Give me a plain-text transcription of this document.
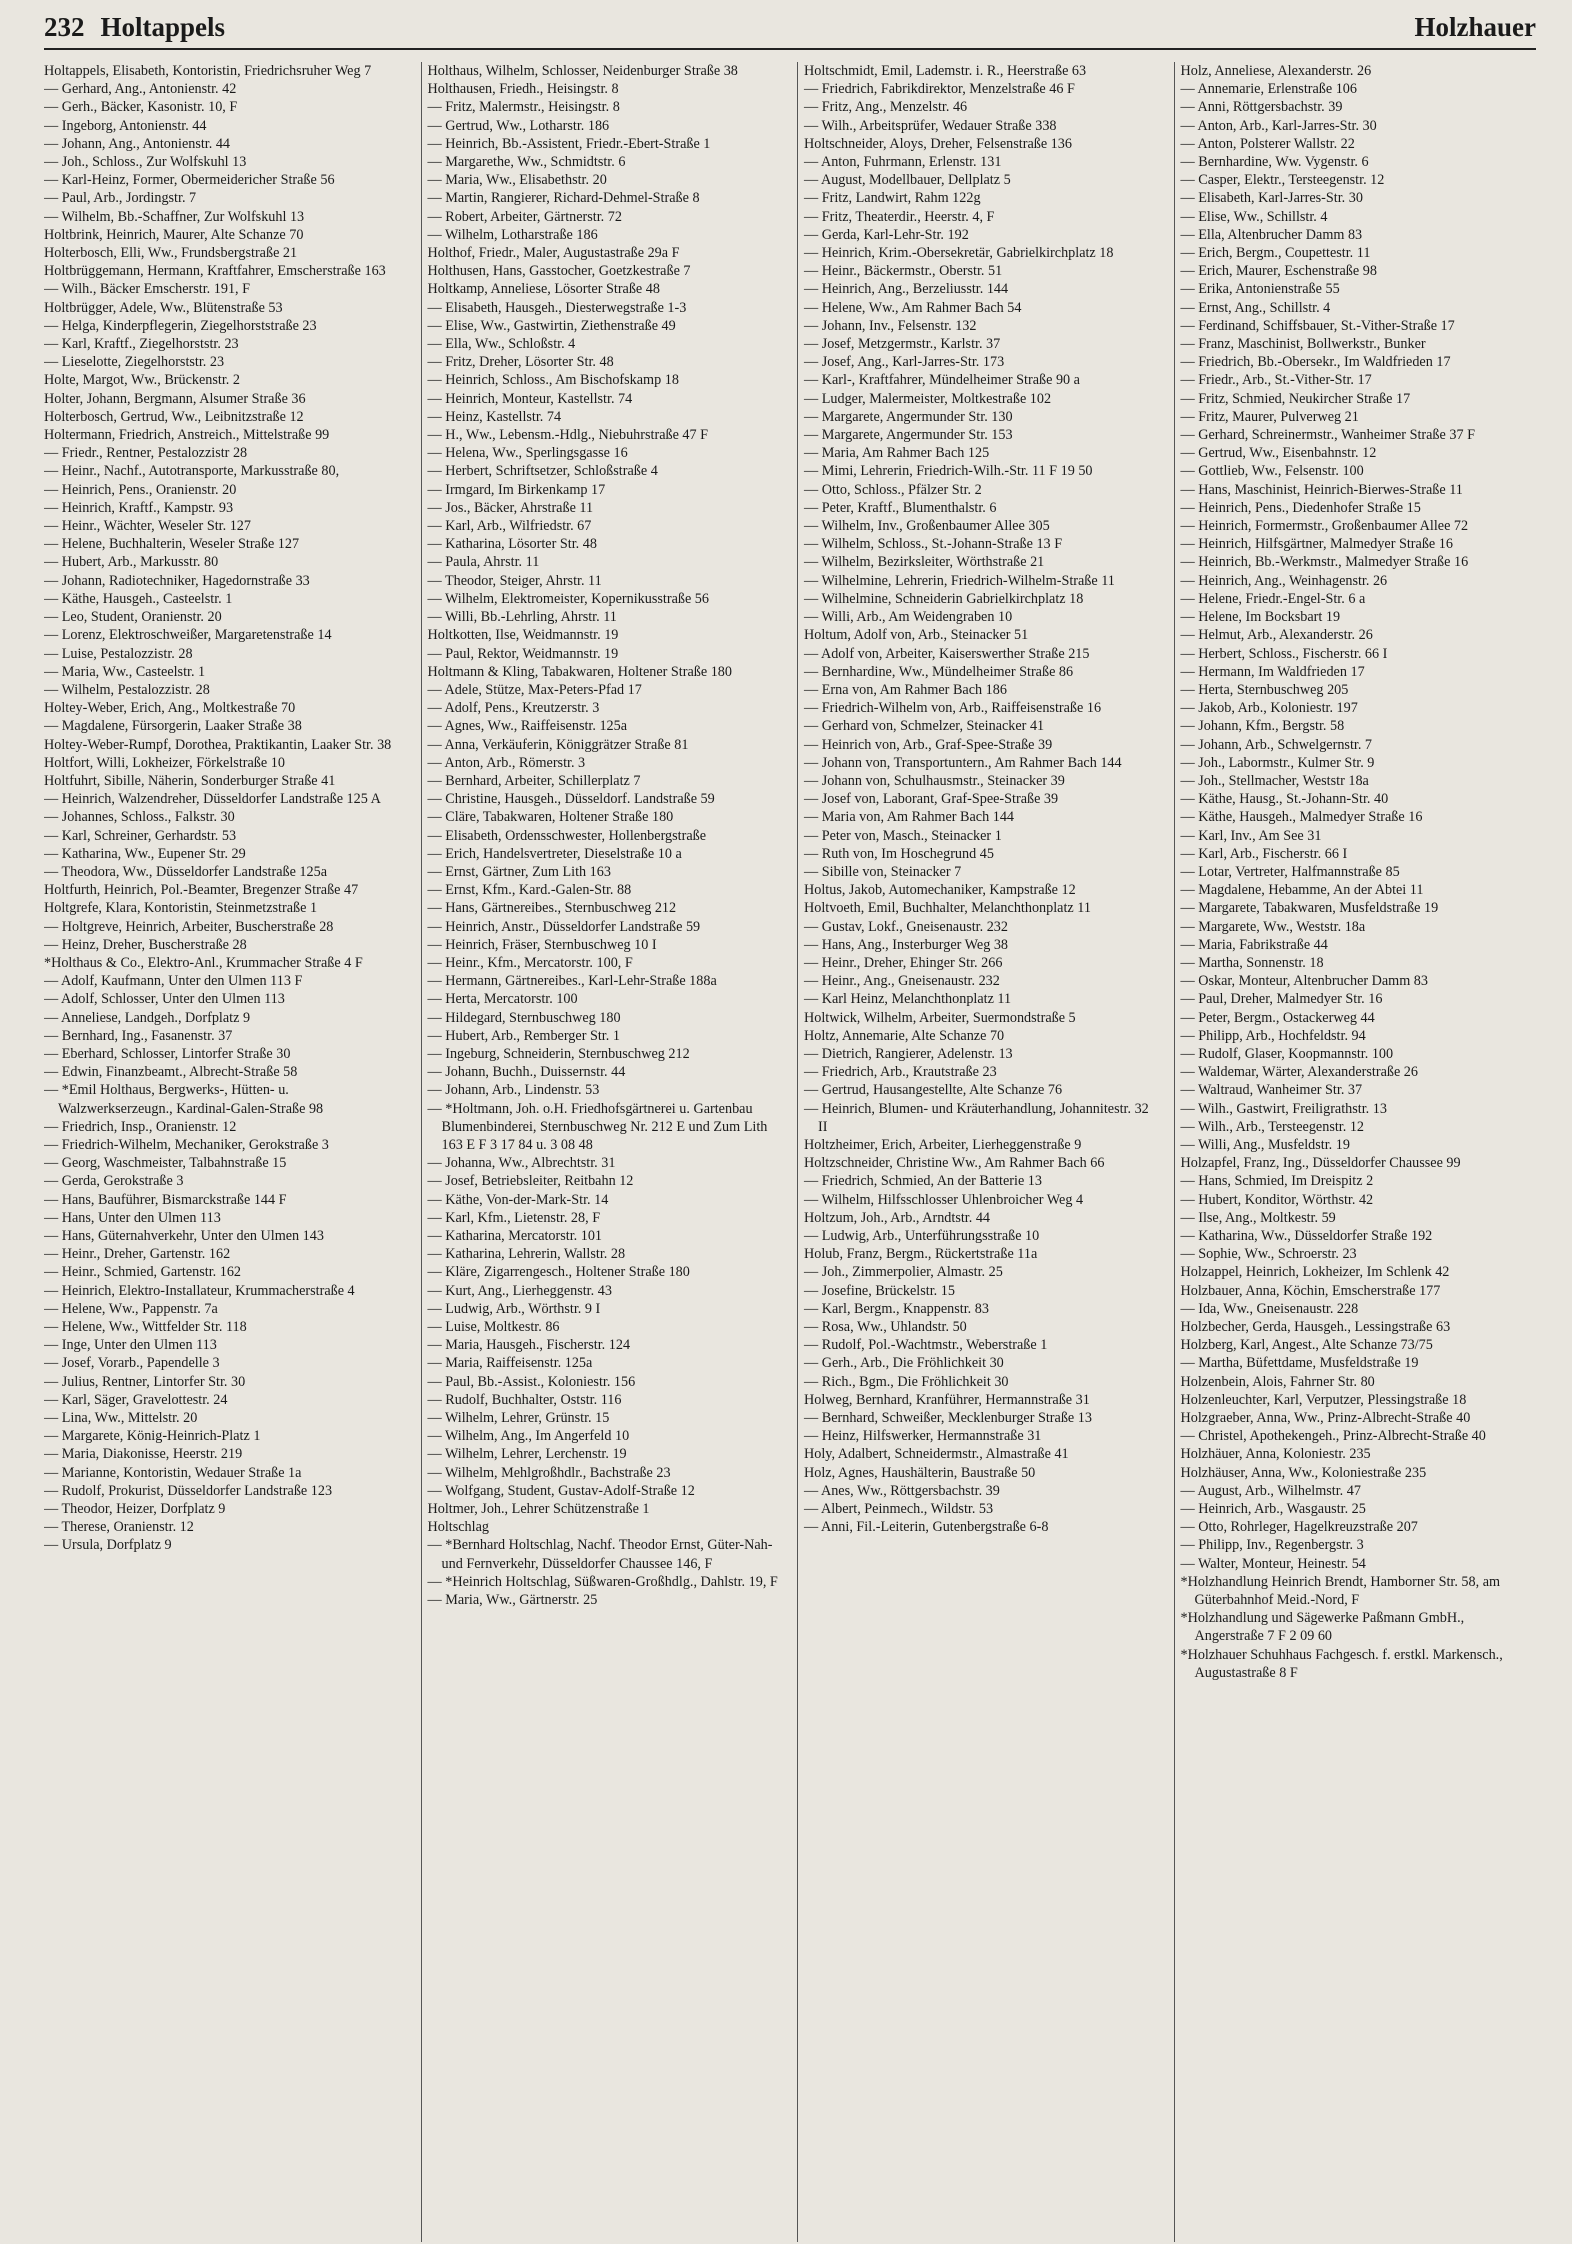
232 Holtappels	Holzhauer
Holtappels, Elisabeth, Kontoristin, Friedrichsruher Weg 7
— Gerhard, Ang., Antonienstr. 42
— Gerh., Bäcker, Kasonistr. 10, F
— Ingeborg, Antonienstr. 44
— Johann, Ang., Antonienstr. 44
— Joh., Schloss., Zur Wolfskuhl 13
— Karl-Heinz, Former, Obermeidericher Straße 56
— Paul, Arb., Jordingstr. 7
— Wilhelm, Bb.-Schaffner, Zur Wolfskuhl 13
Holtbrink, Heinrich, Maurer, Alte Schanze 70
Holterbosch, Elli, Ww., Frundsbergstraße 21
Holtbrüggemann, Hermann, Kraftfahrer, Emscherstraße 163
— Wilh., Bäcker Emscherstr. 191, F
Holtbrügger, Adele, Ww., Blütenstraße 53
— Helga, Kinderpflegerin, Ziegelhorststraße 23
— Karl, Kraftf., Ziegelhorststr. 23
— Lieselotte, Ziegelhorststr. 23
Holte, Margot, Ww., Brückenstr. 2
Holter, Johann, Bergmann, Alsumer Straße 36
Holterbosch, Gertrud, Ww., Leibnitzstraße 12
Holtermann, Friedrich, Anstreich., Mittelstraße 99
— Friedr., Rentner, Pestalozzistr 28
— Heinr., Nachf., Autotransporte, Markusstraße 80,
— Heinrich, Pens., Oranienstr. 20
— Heinrich, Kraftf., Kampstr. 93
— Heinr., Wächter, Weseler Str. 127
— Helene, Buchhalterin, Weseler Straße 127
— Hubert, Arb., Markusstr. 80
— Johann, Radiotechniker, Hagedornstraße 33
— Käthe, Hausgeh., Casteelstr. 1
— Leo, Student, Oranienstr. 20
— Lorenz, Elektroschweißer, Margaretenstraße 14
— Luise, Pestalozzistr. 28
— Maria, Ww., Casteelstr. 1
— Wilhelm, Pestalozzistr. 28
Holtey-Weber, Erich, Ang., Moltkestraße 70
— Magdalene, Fürsorgerin, Laaker Straße 38
Holtey-Weber-Rumpf, Dorothea, Praktikantin, Laaker Str. 38
Holtfort, Willi, Lokheizer, Förkelstraße 10
Holtfuhrt, Sibille, Näherin, Sonderburger Straße 41
— Heinrich, Walzendreher, Düsseldorfer Landstraße 125 A
— Johannes, Schloss., Falkstr. 30
— Karl, Schreiner, Gerhardstr. 53
— Katharina, Ww., Eupener Str. 29
— Theodora, Ww., Düsseldorfer Landstraße 125a
Holtfurth, Heinrich, Pol.-Beamter, Bregenzer Straße 47
Holtgrefe, Klara, Kontoristin, Steinmetzstraße 1
— Holtgreve, Heinrich, Arbeiter, Buscherstraße 28
— Heinz, Dreher, Buscherstraße 28
*Holthaus & Co., Elektro-Anl., Krummacher Straße 4 F
— Adolf, Kaufmann, Unter den Ulmen 113 F
— Adolf, Schlosser, Unter den Ulmen 113
— Anneliese, Landgeh., Dorfplatz 9
— Bernhard, Ing., Fasanenstr. 37
— Eberhard, Schlosser, Lintorfer Straße 30
— Edwin, Finanzbeamt., Albrecht-Straße 58
— *Emil Holthaus, Bergwerks-, Hütten- u. Walzwerkserzeugn., Kardinal-Galen-Straße 98
— Friedrich, Insp., Oranienstr. 12
— Friedrich-Wilhelm, Mechaniker, Gerokstraße 3
— Georg, Waschmeister, Talbahnstraße 15
— Gerda, Gerokstraße 3
— Hans, Bauführer, Bismarckstraße 144 F
— Hans, Unter den Ulmen 113
— Hans, Güternahverkehr, Unter den Ulmen 143
— Heinr., Dreher, Gartenstr. 162
— Heinr., Schmied, Gartenstr. 162
— Heinrich, Elektro-Installateur, Krummacherstraße 4
— Helene, Ww., Pappenstr. 7a
— Helene, Ww., Wittfelder Str. 118
— Inge, Unter den Ulmen 113
— Josef, Vorarb., Papendelle 3
— Julius, Rentner, Lintorfer Str. 30
— Karl, Säger, Gravelottestr. 24
— Lina, Ww., Mittelstr. 20
— Margarete, König-Heinrich-Platz 1
— Maria, Diakonisse, Heerstr. 219
— Marianne, Kontoristin, Wedauer Straße 1a
— Rudolf, Prokurist, Düsseldorfer Landstraße 123
— Theodor, Heizer, Dorfplatz 9
— Therese, Oranienstr. 12
— Ursula, Dorfplatz 9
Holthaus, Wilhelm, Schlosser, Neidenburger Straße 38
Holthausen, Friedh., Heisingstr. 8
— Fritz, Malermstr., Heisingstr. 8
— Gertrud, Ww., Lotharstr. 186
— Heinrich, Bb.-Assistent, Friedr.-Ebert-Straße 1
— Margarethe, Ww., Schmidtstr. 6
— Maria, Ww., Elisabethstr. 20
— Martin, Rangierer, Richard-Dehmel-Straße 8
— Robert, Arbeiter, Gärtnerstr. 72
— Wilhelm, Lotharstraße 186
Holthof, Friedr., Maler, Augustastraße 29a F
Holthusen, Hans, Gasstocher, Goetzkestraße 7
Holtkamp, Anneliese, Lösorter Straße 48
— Elisabeth, Hausgeh., Diesterwegstraße 1-3
— Elise, Ww., Gastwirtin, Ziethenstraße 49
— Ella, Ww., Schloßstr. 4
— Fritz, Dreher, Lösorter Str. 48
— Heinrich, Schloss., Am Bischofskamp 18
— Heinrich, Monteur, Kastellstr. 74
— Heinz, Kastellstr. 74
— H., Ww., Lebensm.-Hdlg., Niebuhrstraße 47 F
— Helena, Ww., Sperlingsgasse 16
— Herbert, Schriftsetzer, Schloßstraße 4
— Irmgard, Im Birkenkamp 17
— Jos., Bäcker, Ahrstraße 11
— Karl, Arb., Wilfriedstr. 67
— Katharina, Lösorter Str. 48
— Paula, Ahrstr. 11
— Theodor, Steiger, Ahrstr. 11
— Wilhelm, Elektromeister, Kopernikusstraße 56
— Willi, Bb.-Lehrling, Ahrstr. 11
Holtkotten, Ilse, Weidmannstr. 19
— Paul, Rektor, Weidmannstr. 19
Holtmann & Kling, Tabakwaren, Holtener Straße 180
— Adele, Stütze, Max-Peters-Pfad 17
— Adolf, Pens., Kreutzerstr. 3
— Agnes, Ww., Raiffeisenstr. 125a
— Anna, Verkäuferin, Königgrätzer Straße 81
— Anton, Arb., Römerstr. 3
— Bernhard, Arbeiter, Schillerplatz 7
— Christine, Hausgeh., Düsseldorf. Landstraße 59
— Cläre, Tabakwaren, Holtener Straße 180
— Elisabeth, Ordensschwester, Hollenbergstraße
— Erich, Handelsvertreter, Dieselstraße 10 a
— Ernst, Gärtner, Zum Lith 163
— Ernst, Kfm., Kard.-Galen-Str. 88
— Hans, Gärtnereibes., Sternbuschweg 212
— Heinrich, Anstr., Düsseldorfer Landstraße 59
— Heinrich, Fräser, Sternbuschweg 10 I
— Heinr., Kfm., Mercatorstr. 100, F
— Hermann, Gärtnereibes., Karl-Lehr-Straße 188a
— Herta, Mercatorstr. 100
— Hildegard, Sternbuschweg 180
— Hubert, Arb., Remberger Str. 1
— Ingeburg, Schneiderin, Sternbuschweg 212
— Johann, Buchh., Duissernstr. 44
— Johann, Arb., Lindenstr. 53
— *Holtmann, Joh. o.H. Friedhofsgärtnerei u. Gartenbau Blumenbinderei, Sternbuschweg Nr. 212 E und Zum Lith 163 E F 3 17 84 u. 3 08 48
— Johanna, Ww., Albrechtstr. 31
— Josef, Betriebsleiter, Reitbahn 12
— Käthe, Von-der-Mark-Str. 14
— Karl, Kfm., Lietenstr. 28, F
— Katharina, Mercatorstr. 101
— Katharina, Lehrerin, Wallstr. 28
— Kläre, Zigarrengesch., Holtener Straße 180
— Kurt, Ang., Lierheggenstr. 43
— Ludwig, Arb., Wörthstr. 9 I
— Luise, Moltkestr. 86
— Maria, Hausgeh., Fischerstr. 124
— Maria, Raiffeisenstr. 125a
— Paul, Bb.-Assist., Koloniestr. 156
— Rudolf, Buchhalter, Oststr. 116
— Wilhelm, Lehrer, Grünstr. 15
— Wilhelm, Ang., Im Angerfeld 10
— Wilhelm, Lehrer, Lerchenstr. 19
— Wilhelm, Mehlgroßhdlr., Bachstraße 23
— Wolfgang, Student, Gustav-Adolf-Straße 12
Holtmer, Joh., Lehrer Schützenstraße 1
Holtschlag
— *Bernhard Holtschlag, Nachf. Theodor Ernst, Güter-Nah- und Fernverkehr, Düsseldorfer Chaussee 146, F
— *Heinrich Holtschlag, Süßwaren-Großhdlg., Dahlstr. 19, F
— Maria, Ww., Gärtnerstr. 25
Holtschmidt, Emil, Lademstr. i. R., Heerstraße 63
— Friedrich, Fabrikdirektor, Menzelstraße 46 F
— Fritz, Ang., Menzelstr. 46
— Wilh., Arbeitsprüfer, Wedauer Straße 338
Holtschneider, Aloys, Dreher, Felsenstraße 136
— Anton, Fuhrmann, Erlenstr. 131
— August, Modellbauer, Dellplatz 5
— Fritz, Landwirt, Rahm 122g
— Fritz, Theaterdir., Heerstr. 4, F
— Gerda, Karl-Lehr-Str. 192
— Heinrich, Krim.-Obersekretär, Gabrielkirchplatz 18
— Heinr., Bäckermstr., Oberstr. 51
— Heinrich, Ang., Berzeliusstr. 144
— Helene, Ww., Am Rahmer Bach 54
— Johann, Inv., Felsenstr. 132
— Josef, Metzgermstr., Karlstr. 37
— Josef, Ang., Karl-Jarres-Str. 173
— Karl-, Kraftfahrer, Mündelheimer Straße 90 a
— Ludger, Malermeister, Moltkestraße 102
— Margarete, Angermunder Str. 130
— Margarete, Angermunder Str. 153
— Maria, Am Rahmer Bach 125
— Mimi, Lehrerin, Friedrich-Wilh.-Str. 11 F 19 50
— Otto, Schloss., Pfälzer Str. 2
— Peter, Kraftf., Blumenthalstr. 6
— Wilhelm, Inv., Großenbaumer Allee 305
— Wilhelm, Schloss., St.-Johann-Straße 13 F
— Wilhelm, Bezirksleiter, Wörthstraße 21
— Wilhelmine, Lehrerin, Friedrich-Wilhelm-Straße 11
— Wilhelmine, Schneiderin Gabrielkirchplatz 18
— Willi, Arb., Am Weidengraben 10
Holtum, Adolf von, Arb., Steinacker 51
— Adolf von, Arbeiter, Kaiserswerther Straße 215
— Bernhardine, Ww., Mündelheimer Straße 86
— Erna von, Am Rahmer Bach 186
— Friedrich-Wilhelm von, Arb., Raiffeisenstraße 16
— Gerhard von, Schmelzer, Steinacker 41
— Heinrich von, Arb., Graf-Spee-Straße 39
— Johann von, Transportuntern., Am Rahmer Bach 144
— Johann von, Schulhausmstr., Steinacker 39
— Josef von, Laborant, Graf-Spee-Straße 39
— Maria von, Am Rahmer Bach 144
— Peter von, Masch., Steinacker 1
— Ruth von, Im Hoschegrund 45
— Sibille von, Steinacker 7
Holtus, Jakob, Automechaniker, Kampstraße 12
Holtvoeth, Emil, Buchhalter, Melanchthonplatz 11
— Gustav, Lokf., Gneisenaustr. 232
— Hans, Ang., Insterburger Weg 38
— Heinr., Dreher, Ehinger Str. 266
— Heinr., Ang., Gneisenaustr. 232
— Karl Heinz, Melanchthonplatz 11
Holtwick, Wilhelm, Arbeiter, Suermondstraße 5
Holtz, Annemarie, Alte Schanze 70
— Dietrich, Rangierer, Adelenstr. 13
— Friedrich, Arb., Krautstraße 23
— Gertrud, Hausangestellte, Alte Schanze 76
— Heinrich, Blumen- und Kräuterhandlung, Johannitestr. 32 II
Holtzheimer, Erich, Arbeiter, Lierheggenstraße 9
Holtzschneider, Christine Ww., Am Rahmer Bach 66
— Friedrich, Schmied, An der Batterie 13
— Wilhelm, Hilfsschlosser Uhlenbroicher Weg 4
Holtzum, Joh., Arb., Arndtstr. 44
— Ludwig, Arb., Unterführungsstraße 10
Holub, Franz, Bergm., Rückertstraße 11a
— Joh., Zimmerpolier, Almastr. 25
— Josefine, Brückelstr. 15
— Karl, Bergm., Knappenstr. 83
— Rosa, Ww., Uhlandstr. 50
— Rudolf, Pol.-Wachtmstr., Weberstraße 1
— Gerh., Arb., Die Fröhlichkeit 30
— Rich., Bgm., Die Fröhlichkeit 30
Holweg, Bernhard, Kranführer, Hermannstraße 31
— Bernhard, Schweißer, Mecklenburger Straße 13
— Heinz, Hilfswerker, Hermannstraße 31
Holy, Adalbert, Schneidermstr., Almastraße 41
Holz, Agnes, Haushälterin, Baustraße 50
— Anes, Ww., Röttgersbachstr. 39
— Albert, Peinmech., Wildstr. 53
— Anni, Fil.-Leiterin, Gutenbergstraße 6-8
Holz, Anneliese, Alexanderstr. 26
— Annemarie, Erlenstraße 106
— Anni, Röttgersbachstr. 39
— Anton, Arb., Karl-Jarres-Str. 30
— Anton, Polsterer Wallstr. 22
— Bernhardine, Ww. Vygenstr. 6
— Casper, Elektr., Tersteegenstr. 12
— Elisabeth, Karl-Jarres-Str. 30
— Elise, Ww., Schillstr. 4
— Ella, Altenbrucher Damm 83
— Erich, Bergm., Coupettestr. 11
— Erich, Maurer, Eschenstraße 98
— Erika, Antonienstraße 55
— Ernst, Ang., Schillstr. 4
— Ferdinand, Schiffsbauer, St.-Vither-Straße 17
— Franz, Maschinist, Bollwerkstr., Bunker
— Friedrich, Bb.-Obersekr., Im Waldfrieden 17
— Friedr., Arb., St.-Vither-Str. 17
— Fritz, Schmied, Neukircher Straße 17
— Fritz, Maurer, Pulverweg 21
— Gerhard, Schreinermstr., Wanheimer Straße 37 F
— Gertrud, Ww., Eisenbahnstr. 12
— Gottlieb, Ww., Felsenstr. 100
— Hans, Maschinist, Heinrich-Bierwes-Straße 11
— Heinrich, Pens., Diedenhofer Straße 15
— Heinrich, Formermstr., Großenbaumer Allee 72
— Heinrich, Hilfsgärtner, Malmedyer Straße 16
— Heinrich, Bb.-Werkmstr., Malmedyer Straße 16
— Heinrich, Ang., Weinhagenstr. 26
— Helene, Friedr.-Engel-Str. 6 a
— Helene, Im Bocksbart 19
— Helmut, Arb., Alexanderstr. 26
— Herbert, Schloss., Fischerstr. 66 I
— Hermann, Im Waldfrieden 17
— Herta, Sternbuschweg 205
— Jakob, Arb., Koloniestr. 197
— Johann, Kfm., Bergstr. 58
— Johann, Arb., Schwelgernstr. 7
— Joh., Labormstr., Kulmer Str. 9
— Joh., Stellmacher, Weststr 18a
— Käthe, Hausg., St.-Johann-Str. 40
— Käthe, Hausgeh., Malmedyer Straße 16
— Karl, Inv., Am See 31
— Karl, Arb., Fischerstr. 66 I
— Lotar, Vertreter, Halfmannstraße 85
— Magdalene, Hebamme, An der Abtei 11
— Margarete, Tabakwaren, Musfeldstraße 19
— Margarete, Ww., Weststr. 18a
— Maria, Fabrikstraße 44
— Martha, Sonnenstr. 18
— Oskar, Monteur, Altenbrucher Damm 83
— Paul, Dreher, Malmedyer Str. 16
— Peter, Bergm., Ostackerweg 44
— Philipp, Arb., Hochfeldstr. 94
— Rudolf, Glaser, Koopmannstr. 100
— Waldemar, Wärter, Alexanderstraße 26
— Waltraud, Wanheimer Str. 37
— Wilh., Gastwirt, Freiligrathstr. 13
— Wilh., Arb., Tersteegenstr. 12
— Willi, Ang., Musfeldstr. 19
Holzapfel, Franz, Ing., Düsseldorfer Chaussee 99
— Hans, Schmied, Im Dreispitz 2
— Hubert, Konditor, Wörthstr. 42
— Ilse, Ang., Moltkestr. 59
— Katharina, Ww., Düsseldorfer Straße 192
— Sophie, Ww., Schroerstr. 23
Holzappel, Heinrich, Lokheizer, Im Schlenk 42
Holzbauer, Anna, Köchin, Emscherstraße 177
— Ida, Ww., Gneisenaustr. 228
Holzbecher, Gerda, Hausgeh., Lessingstraße 63
Holzberg, Karl, Angest., Alte Schanze 73/75
— Martha, Büfettdame, Musfeldstraße 19
Holzenbein, Alois, Fahrner Str. 80
Holzenleuchter, Karl, Verputzer, Plessingstraße 18
Holzgraeber, Anna, Ww., Prinz-Albrecht-Straße 40
— Christel, Apothekengeh., Prinz-Albrecht-Straße 40
Holzhäuer, Anna, Koloniestr. 235
Holzhäuser, Anna, Ww., Koloniestraße 235
— August, Arb., Wilhelmstr. 47
— Heinrich, Arb., Wasgaustr. 25
— Otto, Rohrleger, Hagelkreuzstraße 207
— Philipp, Inv., Regenbergstr. 3
— Walter, Monteur, Heinestr. 54
*Holzhandlung Heinrich Brendt, Hamborner Str. 58, am Güterbahnhof Meid.-Nord, F
*Holzhandlung und Sägewerke Paßmann GmbH., Angerstraße 7 F 2 09 60
*Holzhauer Schuhhaus Fachgesch. f. erstkl. Markensch., Augustastraße 8 F
